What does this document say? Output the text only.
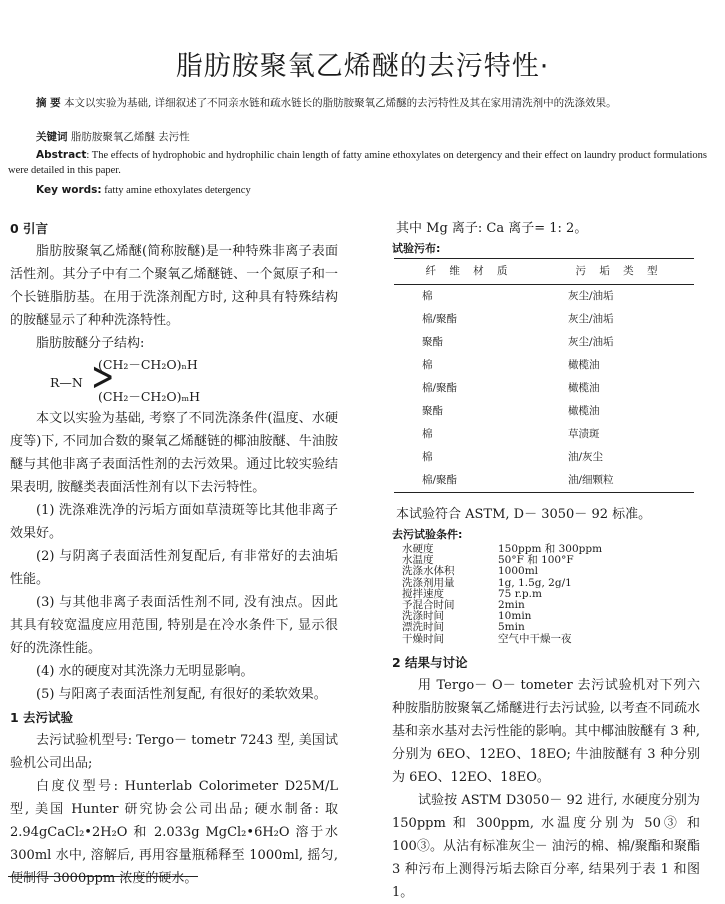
脂肪胺聚氧乙烯醚的去污特性·
摘 要 本文以实验为基础, 详细叙述了不同亲水链和疏水链长的脂肪胺聚氧乙烯醚的去污特性及其在家用清洗剂中的洗涤效果。
关键词 脂肪胺聚氧乙烯醚 去污性
Abstract: The effects of hydrophobic and hydrophilic chain length of fatty amine ethoxylates on detergency and their effect on laundry product formulations were detailed in this paper.
Key words: fatty amine ethoxylates detergency

0 引言

脂肪胺聚氧乙烯醚(简称胺醚)是一种特殊非离子表面活性剂。其分子中有二个聚氧乙烯醚链、一个氮原子和一个长链脂肪基。在用于洗涤剂配方时, 这种具有特殊结构的胺醚显示了种种洗涤特性。

脂肪胺醚分子结构:

R—N >
(CH₂－CH₂O)ₙH
(CH₂－CH₂O)ₘH

本文以实验为基础, 考察了不同洗涤条件(温度、水硬度等)下, 不同加合数的聚氧乙烯醚链的椰油胺醚、牛油胺醚与其他非离子表面活性剂的去污效果。通过比较实验结果表明, 胺醚类表面活性剂有以下去污特性。

(1) 洗涤难洗净的污垢方面如草渍斑等比其他非离子效果好。

(2) 与阴离子表面活性剂复配后, 有非常好的去油垢性能。

(3) 与其他非离子表面活性剂不同, 没有浊点。因此其具有较宽温度应用范围, 特别是在冷水条件下, 显示很好的洗涤性能。

(4) 水的硬度对其洗涤力无明显影响。

(5) 与阳离子表面活性剂复配, 有很好的柔软效果。

1 去污试验

去污试验机型号: Tergo－ tometr 7243 型, 美国试验机公司出品;

白度仪型号: Hunterlab Colorimeter D25M/L 型, 美国 Hunter 研究协会公司出品; 硬水制备: 取 2.94gCaCl₂•2H₂O 和 2.033g MgCl₂•6H₂O 溶于水 300ml 水中, 溶解后, 再用容量瓶稀释至 1000ml, 摇匀, 便制得 3000ppm 浓度的硬水。

其中 Mg 离子: Ca 离子= 1: 2。

试验污布:
纤 维 材 质	污 垢 类 型
棉	灰尘/油垢
棉/聚酯	灰尘/油垢
聚酯	灰尘/油垢
棉	橄榄油
棉/聚酯	橄榄油
聚酯	橄榄油
棉	草渍斑
棉	油/灰尘
棉/聚酯	油/细颗粒

本试验符合 ASTM, D－ 3050－ 92 标准。

去污试验条件:
水硬度	150ppm 和 300ppm
水温度	50°F 和 100°F
洗涤水体积	1000ml
洗涤剂用量	1g, 1.5g, 2g/1
搅拌速度	75 r.p.m
予混合时间	2min
洗涤时间	10min
漂洗时间	5min
干燥时间	空气中干燥一夜

2 结果与讨论

用 Tergo－ O－ tometer 去污试验机对下列六种胺脂肪胺聚氧乙烯醚进行去污试验, 以考查不同疏水基和亲水基对去污性能的影响。其中椰油胺醚有 3 种, 分别为 6EO、12EO、18EO; 牛油胺醚有 3 种分别为 6EO、12EO、18EO。

试验按 ASTM D3050－ 92 进行, 水硬度分别为 150ppm 和 300ppm, 水温度分别为 50③ 和 100③。从沾有标准灰尘－ 油污的棉、棉/聚酯和聚酯 3 种污布上测得污垢去除百分率, 结果列于表 1 和图 1。
